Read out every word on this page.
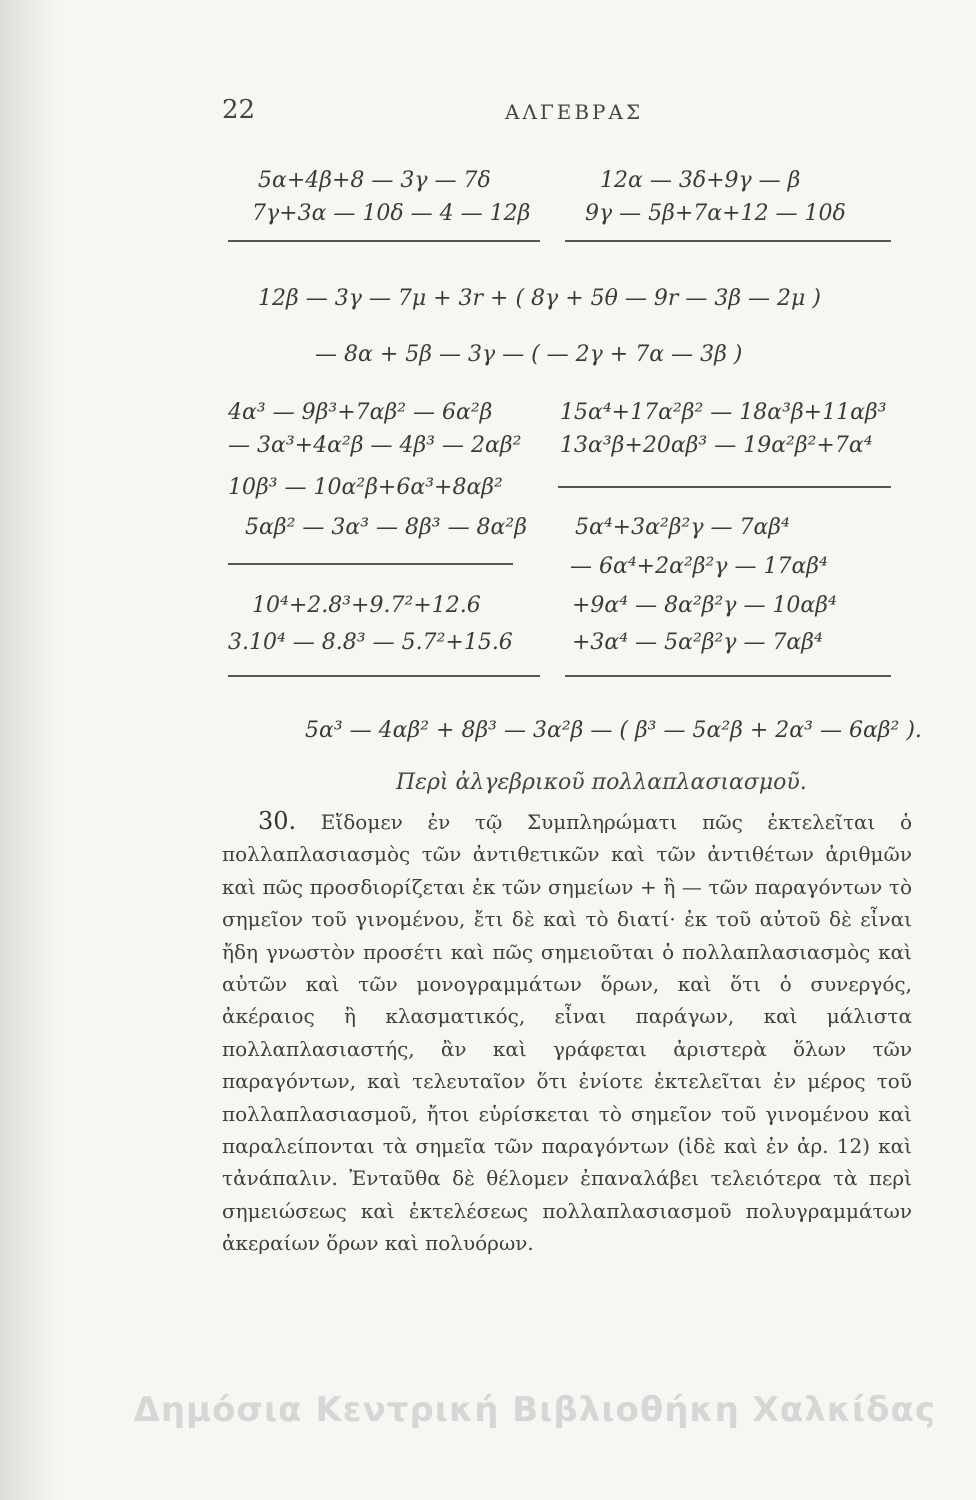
22	ΑΛΓΕΒΡΑΣ
5α+4β+8 — 3γ — 7δ
7γ+3α — 10δ — 4 — 12β
12α — 3δ+9γ — β
9γ — 5β+7α+12 — 10δ
12β — 3γ — 7μ + 3r + ( 8γ + 5θ — 9r — 3β — 2μ )
— 8α + 5β — 3γ — ( — 2γ + 7α — 3β )
4α³ — 9β³+7αβ² — 6α²β
— 3α³+4α²β — 4β³ — 2αβ²
10β³ — 10α²β+6α³+8αβ²
5αβ² — 3α³ — 8β³ — 8α²β
15α⁴+17α²β² — 18α³β+11αβ³
13α³β+20αβ³ — 19α²β²+7α⁴
5α⁴+3α²β²γ — 7αβ⁴
— 6α⁴+2α²β²γ — 17αβ⁴
+9α⁴ — 8α²β²γ — 10αβ⁴
+3α⁴ — 5α²β²γ — 7αβ⁴
10⁴+2.8³+9.7²+12.6
3.10⁴ — 8.8³ — 5.7²+15.6
5α³ — 4αβ² + 8β³ — 3α²β — ( β³ — 5α²β + 2α³ — 6αβ² ).
Περὶ ἀλγεβρικοῦ πολλαπλασιασμοῦ.

30. Εἴδομεν ἐν τῷ Συμπληρώματι πῶς ἐκτελεῖται ὁ πολλαπλασιασμὸς τῶν ἀντιθετικῶν καὶ τῶν ἀντιθέτων ἀριθμῶν καὶ πῶς προσδιορίζεται ἐκ τῶν σημείων + ἢ — τῶν παραγόντων τὸ σημεῖον τοῦ γινομένου, ἔτι δὲ καὶ τὸ διατί· ἐκ τοῦ αὐτοῦ δὲ εἶναι ἤδη γνωστὸν προσέτι καὶ πῶς σημειοῦται ὁ πολλαπλασιασμὸς καὶ αὐτῶν καὶ τῶν μονογραμμάτων ὅρων, καὶ ὅτι ὁ συνεργός, ἀκέραιος ἢ κλασματικός, εἶναι παράγων, καὶ μάλιστα πολλαπλασιαστής, ἂν καὶ γράφεται ἀριστερὰ ὅλων τῶν παραγόντων, καὶ τελευταῖον ὅτι ἐνίοτε ἐκτελεῖται ἐν μέρος τοῦ πολλαπλασιασμοῦ, ἤτοι εὑρίσκεται τὸ σημεῖον τοῦ γινομένου καὶ παραλείπονται τὰ σημεῖα τῶν παραγόντων (ἰδὲ καὶ ἐν ἀρ. 12) καὶ τἀνάπαλιν. Ἐνταῦθα δὲ θέλομεν ἐπαναλάβει τελειότερα τὰ περὶ σημειώσεως καὶ ἐκτελέσεως πολλαπλασιασμοῦ πολυγραμμάτων ἀκεραίων ὅρων καὶ πολυόρων.

Δημόσια Κεντρική Βιβλιοθήκη Χαλκίδας
